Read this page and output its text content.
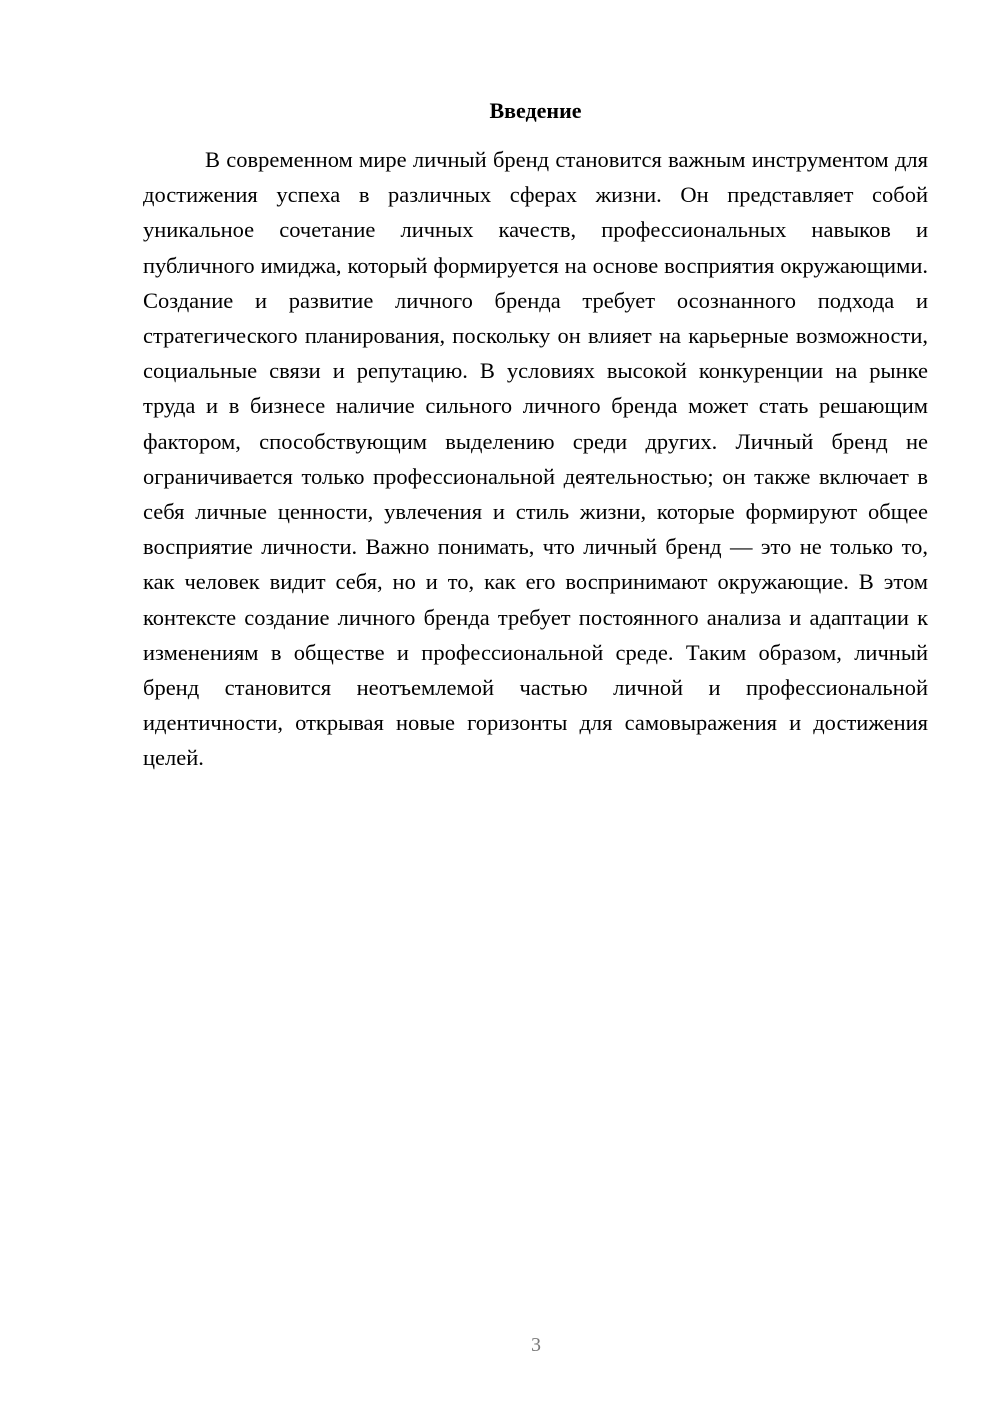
Введение

В современном мире личный бренд становится важным инструментом для достижения успеха в различных сферах жизни. Он представляет собой уникальное сочетание личных качеств, профессиональных навыков и публичного имиджа, который формируется на основе восприятия окружающими. Создание и развитие личного бренда требует осознанного подхода и стратегического планирования, поскольку он влияет на карьерные возможности, социальные связи и репутацию. В условиях высокой конкуренции на рынке труда и в бизнесе наличие сильного личного бренда может стать решающим фактором, способствующим выделению среди других. Личный бренд не ограничивается только профессиональной деятельностью; он также включает в себя личные ценности, увлечения и стиль жизни, которые формируют общее восприятие личности. Важно понимать, что личный бренд — это не только то, как человек видит себя, но и то, как его воспринимают окружающие. В этом контексте создание личного бренда требует постоянного анализа и адаптации к изменениям в обществе и профессиональной среде. Таким образом, личный бренд становится неотъемлемой частью личной и профессиональной идентичности, открывая новые горизонты для самовыражения и достижения целей.

3
